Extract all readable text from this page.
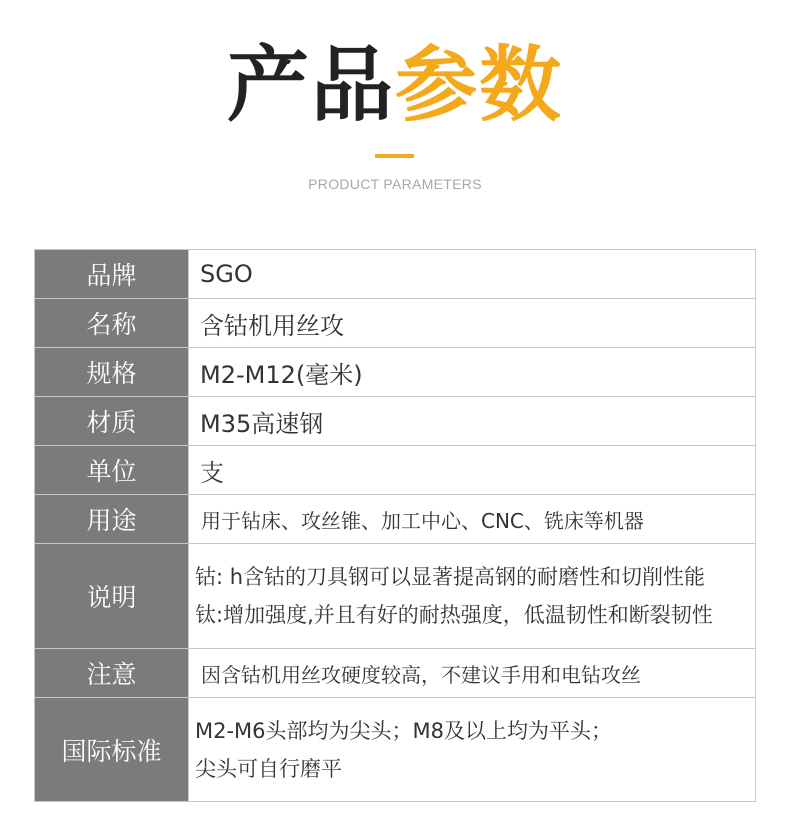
产品参数
PRODUCT PARAMETERS
品牌	SGO
名称	含钴机用丝攻
规格	M2-M12(毫米)
材质	M35高速钢
单位	支
用途	用于钻床、攻丝锥、加工中心、CNC、铣床等机器
说明	钴: h含钴的刀具钢可以显著提高钢的耐磨性和切削性能
钛:增加强度,并且有好的耐热强度，低温韧性和断裂韧性

注意	因含钴机用丝攻硬度较高，不建议手用和电钻攻丝
国际标准	M2-M6头部均为尖头；M8及以上均为平头；
尖头可自行磨平
